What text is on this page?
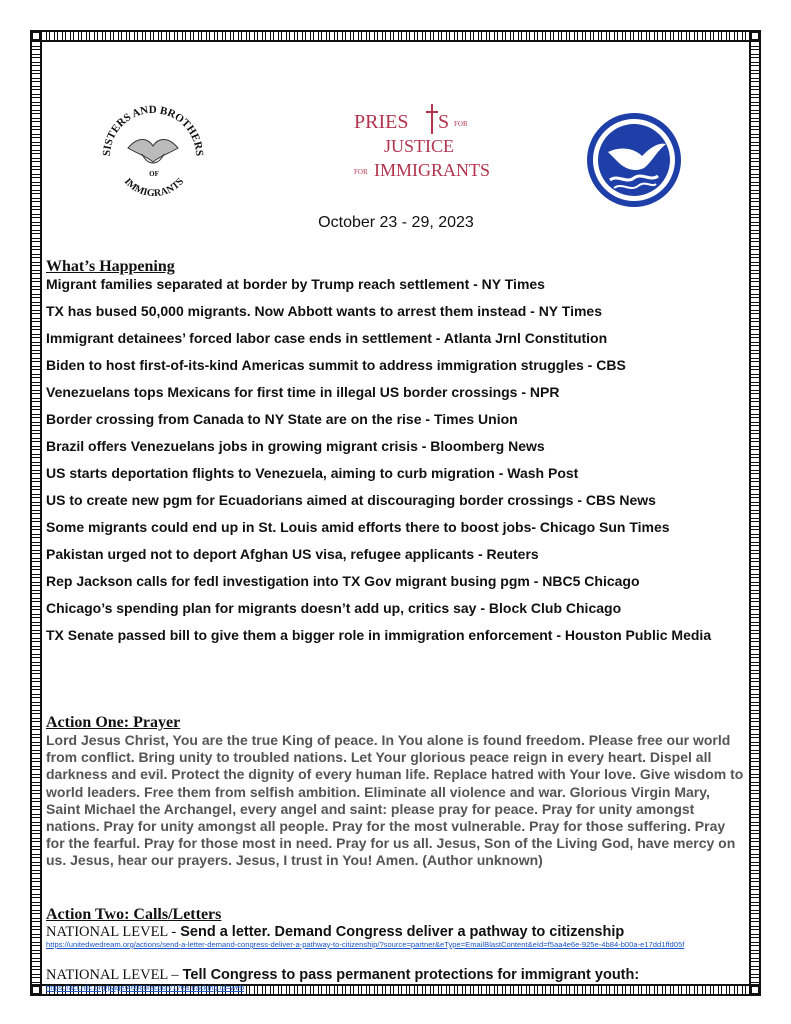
SISTERS AND BROTHERS
IMMIGRANTS
OF
PRIES S FOR
JUSTICE
FOR IMMIGRANTS
October 23 - 29, 2023
What’s Happening

Migrant families separated at border by Trump reach settlement - NY Times

TX has bused 50,000 migrants. Now Abbott wants to arrest them instead - NY Times

Immigrant detainees’ forced labor case ends in settlement - Atlanta Jrnl Constitution

Biden to host first-of-its-kind Americas summit to address immigration struggles - CBS

Venezuelans tops Mexicans for first time in illegal US border crossings - NPR

Border crossing from Canada to NY State are on the rise - Times Union

Brazil offers Venezuelans jobs in growing migrant crisis - Bloomberg News

US starts deportation flights to Venezuela, aiming to curb migration - Wash Post

US to create new pgm for Ecuadorians aimed at discouraging border crossings - CBS News

Some migrants could end up in St. Louis amid efforts there to boost jobs- Chicago Sun Times

Pakistan urged not to deport Afghan US visa, refugee applicants - Reuters

Rep Jackson calls for fedl investigation into TX Gov migrant busing pgm - NBC5 Chicago

Chicago’s spending plan for migrants doesn’t add up, critics say - Block Club Chicago

TX Senate passed bill to give them a bigger role in immigration enforcement - Houston Public Media

Action One: Prayer

Lord Jesus Christ, You are the true King of peace. In You alone is found freedom. Please free our world from conflict. Bring unity to troubled nations. Let Your glorious peace reign in every heart. Dispel all darkness and evil. Protect the dignity of every human life. Replace hatred with Your love. Give wisdom to world leaders. Free them from selfish ambition. Eliminate all violence and war. Glorious Virgin Mary, Saint Michael the Archangel, every angel and saint: please pray for peace. Pray for unity amongst nations. Pray for unity amongst all people. Pray for the most vulnerable. Pray for those suffering. Pray for the fearful. Pray for those most in need. Pray for us all. Jesus, Son of the Living God, have mercy on us. Jesus, hear our prayers. Jesus, I trust in You! Amen. (Author unknown)

Action Two: Calls/Letters

NATIONAL LEVEL - Send a letter. Demand Congress deliver a pathway to citizenship

https://unitedwedream.org/actions/send-a-letter-demand-congress-deliver-a-pathway-to-citizenship/?source=partner&eType=EmailBlastContent&eId=f5aa4e6e-925e-4b84-b00a-e17dd1ffd05f

NATIONAL LEVEL – Tell Congress to pass permanent protections for immigrant youth:

https://act.nilc.org/page/46080/action/1?ea.tracking.id=web
